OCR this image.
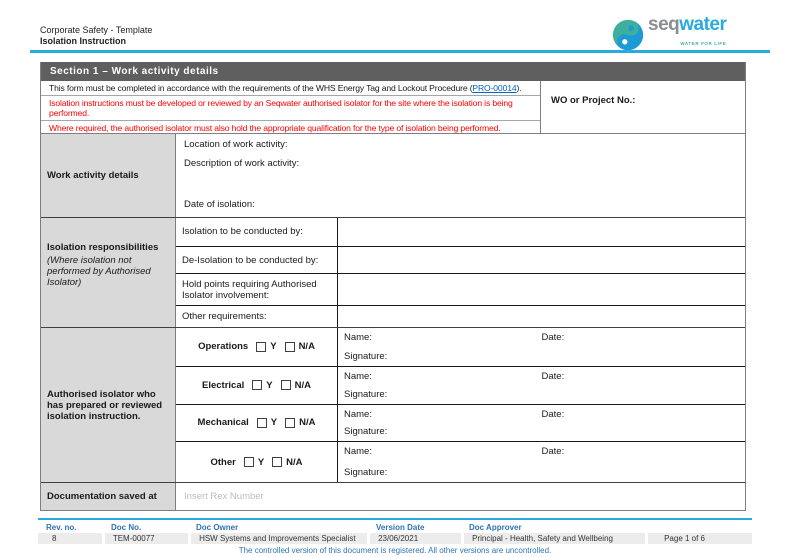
Corporate Safety - Template
Isolation Instruction
seqwater
WATER FOR LIFE
Section 1 – Work activity details
This form must be completed in accordance with the requirements of the WHS Energy Tag and Lockout Procedure (PRO-00014).
Isolation instructions must be developed or reviewed by an Seqwater authorised isolator for the site where the isolation is being performed.
Where required, the authorised isolator must also hold the appropriate qualification for the type of isolation being performed.
WO or Project No.:
Work activity details
Location of work activity:
Description of work activity:
Date of isolation:
Isolation responsibilities
(Where isolation not performed by Authorised Isolator)
Isolation to be conducted by:
De-Isolation to be conducted by:
Hold points requiring Authorised Isolator involvement:
Other requirements:
Authorised isolator who has prepared or reviewed isolation instruction.
Operations Y N/A
Name:	Date:
Signature:
Electrical Y N/A
Name:	Date:
Signature:
Mechanical Y N/A
Name:	Date:
Signature:
Other Y N/A
Name:	Date:
Signature:
Documentation saved at	Insert Rex Number
Rev. no.	Doc No.	Doc Owner	Version Date	Doc Approver
8	TEM-00077	HSW Systems and Improvements Specialist	23/06/2021	Principal - Health, Safety and Wellbeing	Page 1 of 6
The controlled version of this document is registered. All other versions are uncontrolled.
